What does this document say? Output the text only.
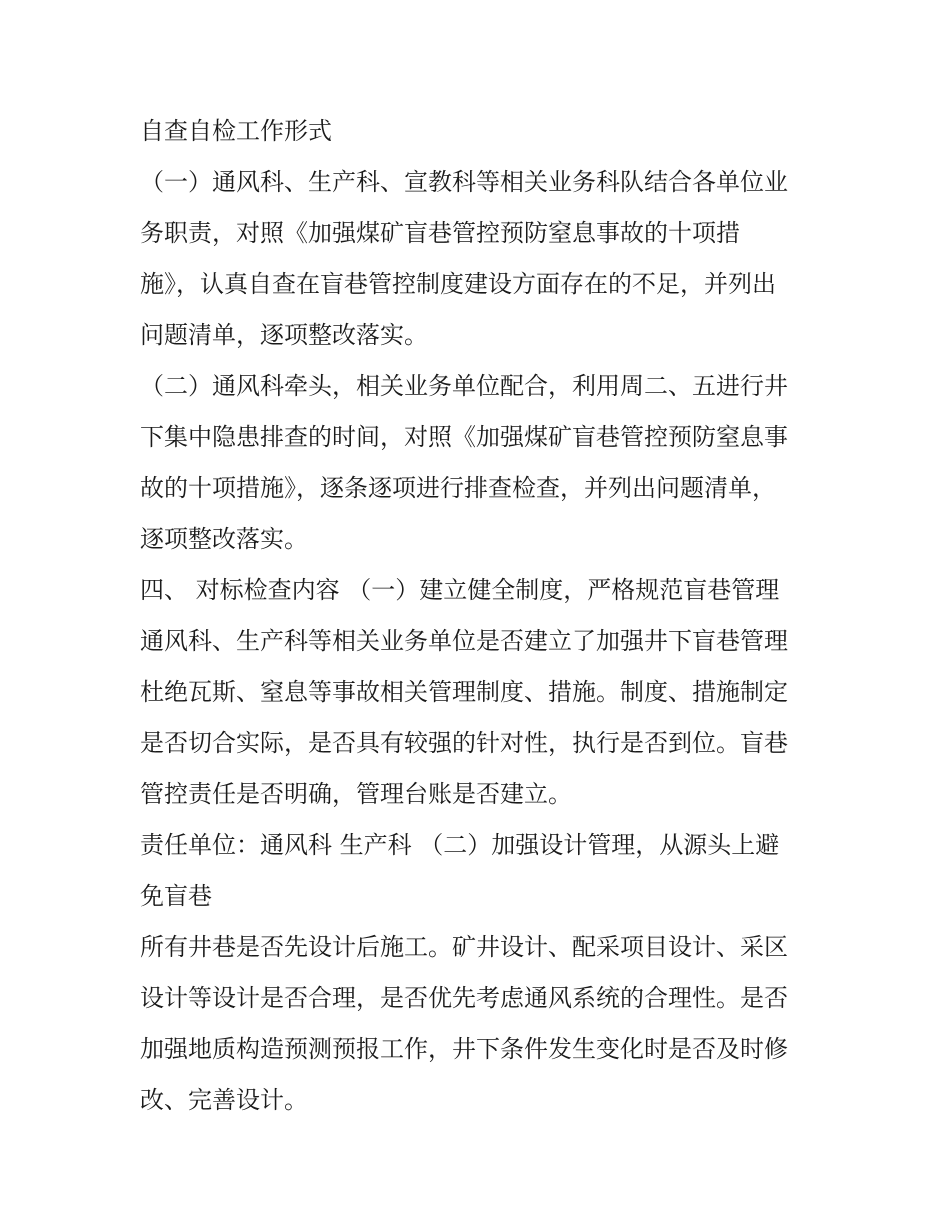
自查自检工作形式
（一）通风科、生产科、宣教科等相关业务科队结合各单位业
务职责，对照《加强煤矿盲巷管控预防窒息事故的十项措
施》，认真自查在盲巷管控制度建设方面存在的不足，并列出
问题清单，逐项整改落实。
（二）通风科牵头，相关业务单位配合，利用周二、五进行井
下集中隐患排查的时间，对照《加强煤矿盲巷管控预防窒息事
故的十项措施》，逐条逐项进行排查检查，并列出问题清单，
逐项整改落实。
四、 对标检查内容 （一）建立健全制度，严格规范盲巷管理
通风科、生产科等相关业务单位是否建立了加强井下盲巷管理
杜绝瓦斯、窒息等事故相关管理制度、措施。制度、措施制定
是否切合实际，是否具有较强的针对性，执行是否到位。盲巷
管控责任是否明确，管理台账是否建立。
责任单位：通风科 生产科 （二）加强设计管理，从源头上避
免盲巷
所有井巷是否先设计后施工。矿井设计、配采项目设计、采区
设计等设计是否合理，是否优先考虑通风系统的合理性。是否
加强地质构造预测预报工作，井下条件发生变化时是否及时修
改、完善设计。
